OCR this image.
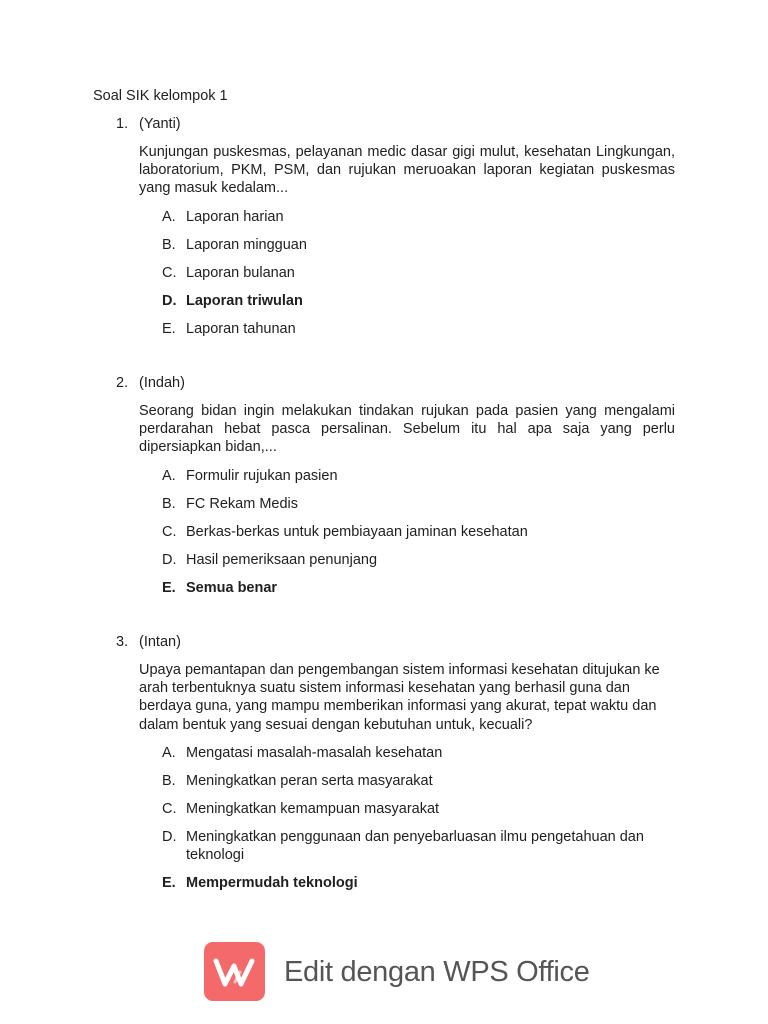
Soal SIK kelompok 1
1. (Yanti)
Kunjungan puskesmas, pelayanan medic dasar gigi mulut, kesehatan Lingkungan, laboratorium, PKM, PSM, dan rujukan meruoakan laporan kegiatan puskesmas yang masuk kedalam...
A. Laporan harian
B. Laporan mingguan
C. Laporan bulanan
D. Laporan triwulan
E. Laporan tahunan
2. (Indah)
Seorang bidan ingin melakukan tindakan rujukan pada pasien yang mengalami perdarahan hebat pasca persalinan. Sebelum itu hal apa saja yang perlu dipersiapkan bidan,...
A. Formulir rujukan pasien
B. FC Rekam Medis
C. Berkas-berkas untuk pembiayaan jaminan kesehatan
D. Hasil pemeriksaan penunjang
E. Semua benar
3. (Intan)
Upaya pemantapan dan pengembangan sistem informasi kesehatan ditujukan ke arah terbentuknya suatu sistem informasi kesehatan yang berhasil guna dan berdaya guna, yang mampu memberikan informasi yang akurat, tepat waktu dan dalam bentuk yang sesuai dengan kebutuhan untuk, kecuali?
A. Mengatasi masalah-masalah kesehatan
B. Meningkatkan peran serta masyarakat
C. Meningkatkan kemampuan masyarakat
D. Meningkatkan penggunaan dan penyebarluasan ilmu pengetahuan dan teknologi
E. Mempermudah teknologi
Edit dengan WPS Office
